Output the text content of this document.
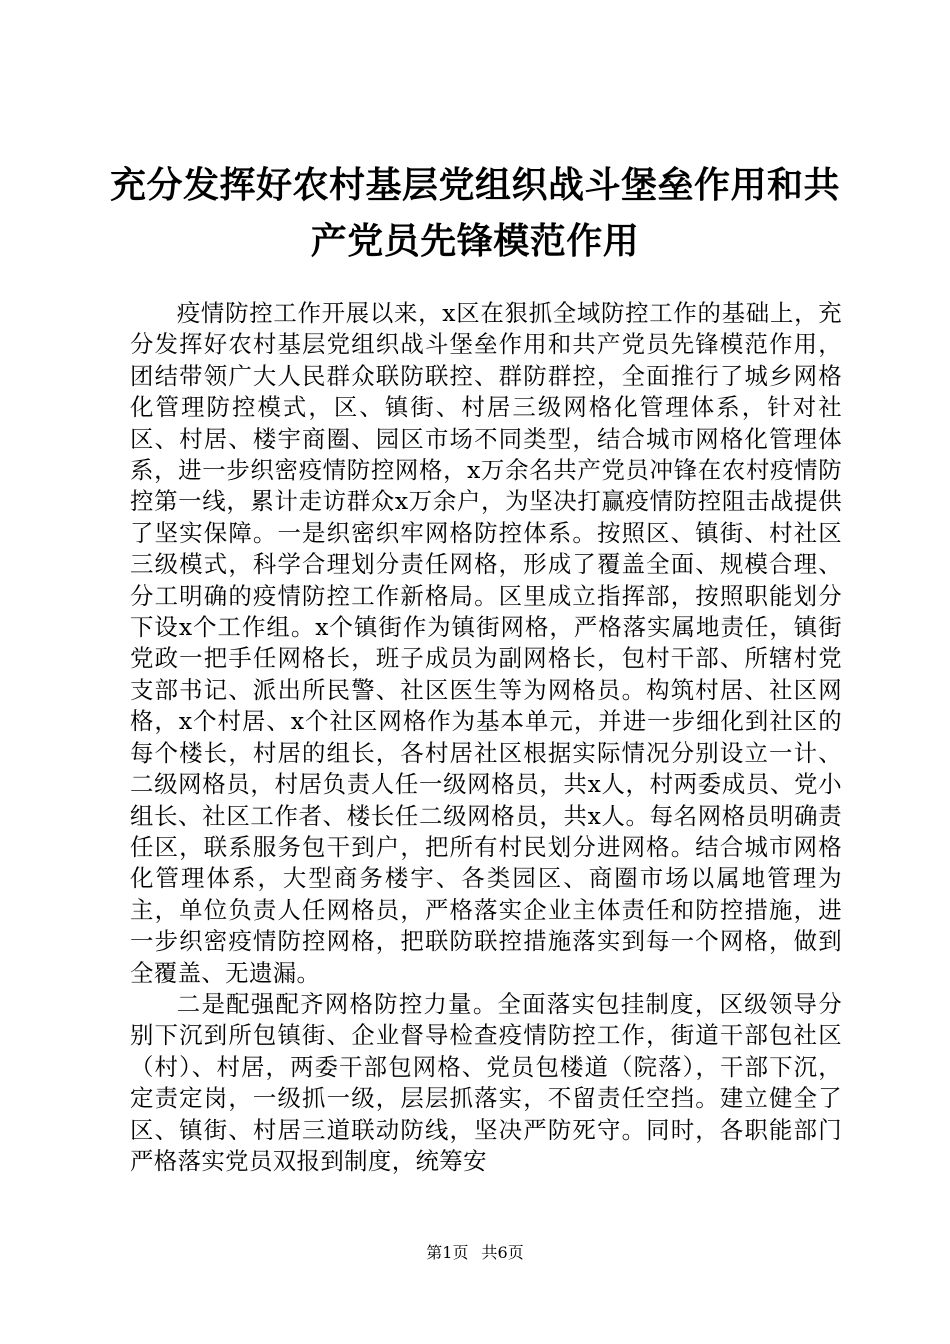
充分发挥好农村基层党组织战斗堡垒作用和共产党员先锋模范作用

疫情防控工作开展以来，x区在狠抓全域防控工作的基础上，充分发挥好农村基层党组织战斗堡垒作用和共产党员先锋模范作用，团结带领广大人民群众联防联控、群防群控，全面推行了城乡网格化管理防控模式，区、镇街、村居三级网格化管理体系，针对社区、村居、楼宇商圈、园区市场不同类型，结合城市网格化管理体系，进一步织密疫情防控网格，x万余名共产党员冲锋在农村疫情防控第一线，累计走访群众x万余户，为坚决打赢疫情防控阻击战提供了坚实保障。一是织密织牢网格防控体系。按照区、镇街、村社区三级模式，科学合理划分责任网格，形成了覆盖全面、规模合理、分工明确的疫情防控工作新格局。区里成立指挥部，按照职能划分下设x个工作组。x个镇街作为镇街网格，严格落实属地责任，镇街党政一把手任网格长，班子成员为副网格长，包村干部、所辖村党支部书记、派出所民警、社区医生等为网格员。构筑村居、社区网格，x个村居、x个社区网格作为基本单元，并进一步细化到社区的每个楼长，村居的组长，各村居社区根据实际情况分别设立一计、二级网格员，村居负责人任一级网格员，共x人，村两委成员、党小组长、社区工作者、楼长任二级网格员，共x人。每名网格员明确责任区，联系服务包干到户，把所有村民划分进网格。结合城市网格化管理体系，大型商务楼宇、各类园区、商圈市场以属地管理为主，单位负责人任网格员，严格落实企业主体责任和防控措施，进一步织密疫情防控网格，把联防联控措施落实到每一个网格，做到全覆盖、无遗漏。

二是配强配齐网格防控力量。全面落实包挂制度，区级领导分别下沉到所包镇街、企业督导检查疫情防控工作，街道干部包社区（村）、村居，两委干部包网格、党员包楼道（院落），干部下沉，定责定岗，一级抓一级，层层抓落实，不留责任空挡。建立健全了区、镇街、村居三道联动防线，坚决严防死守。同时，各职能部门严格落实党员双报到制度，统筹安

第1页 共6页
